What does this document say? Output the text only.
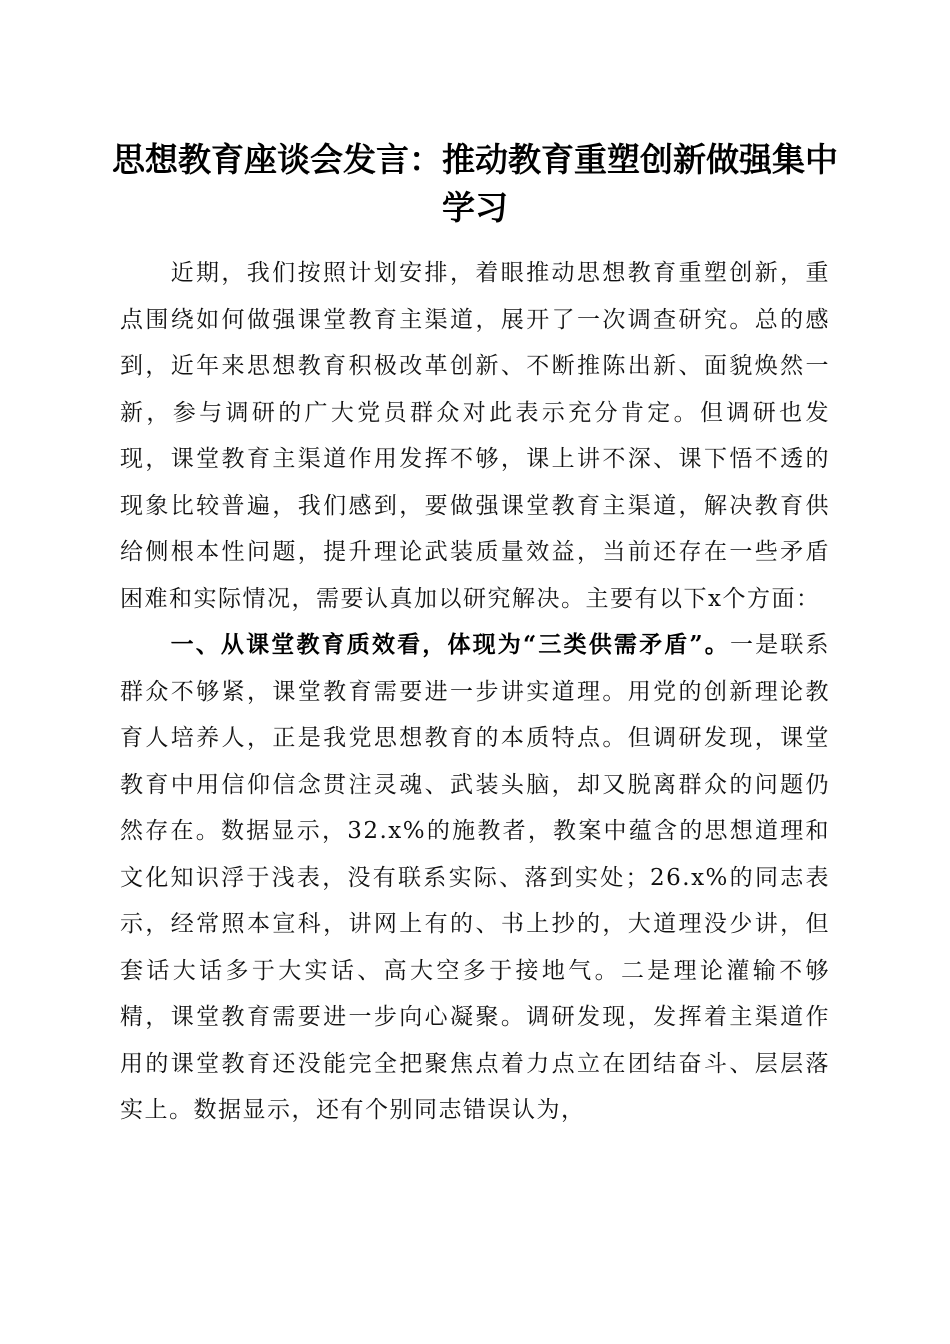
思想教育座谈会发言：推动教育重塑创新做强集中学习

近期，我们按照计划安排，着眼推动思想教育重塑创新，重点围绕如何做强课堂教育主渠道，展开了一次调查研究。总的感到，近年来思想教育积极改革创新、不断推陈出新、面貌焕然一新，参与调研的广大党员群众对此表示充分肯定。但调研也发现，课堂教育主渠道作用发挥不够，课上讲不深、课下悟不透的现象比较普遍，我们感到，要做强课堂教育主渠道，解决教育供给侧根本性问题，提升理论武装质量效益，当前还存在一些矛盾困难和实际情况，需要认真加以研究解决。主要有以下x个方面：

一、从课堂教育质效看，体现为“三类供需矛盾”。一是联系群众不够紧，课堂教育需要进一步讲实道理。用党的创新理论教育人培养人，正是我党思想教育的本质特点。但调研发现，课堂教育中用信仰信念贯注灵魂、武装头脑，却又脱离群众的问题仍然存在。数据显示，32.x%的施教者，教案中蕴含的思想道理和文化知识浮于浅表，没有联系实际、落到实处；26.x%的同志表示，经常照本宣科，讲网上有的、书上抄的，大道理没少讲，但套话大话多于大实话、高大空多于接地气。二是理论灌输不够精，课堂教育需要进一步向心凝聚。调研发现，发挥着主渠道作用的课堂教育还没能完全把聚焦点着力点立在团结奋斗、层层落实上。数据显示，还有个别同志错误认为，
